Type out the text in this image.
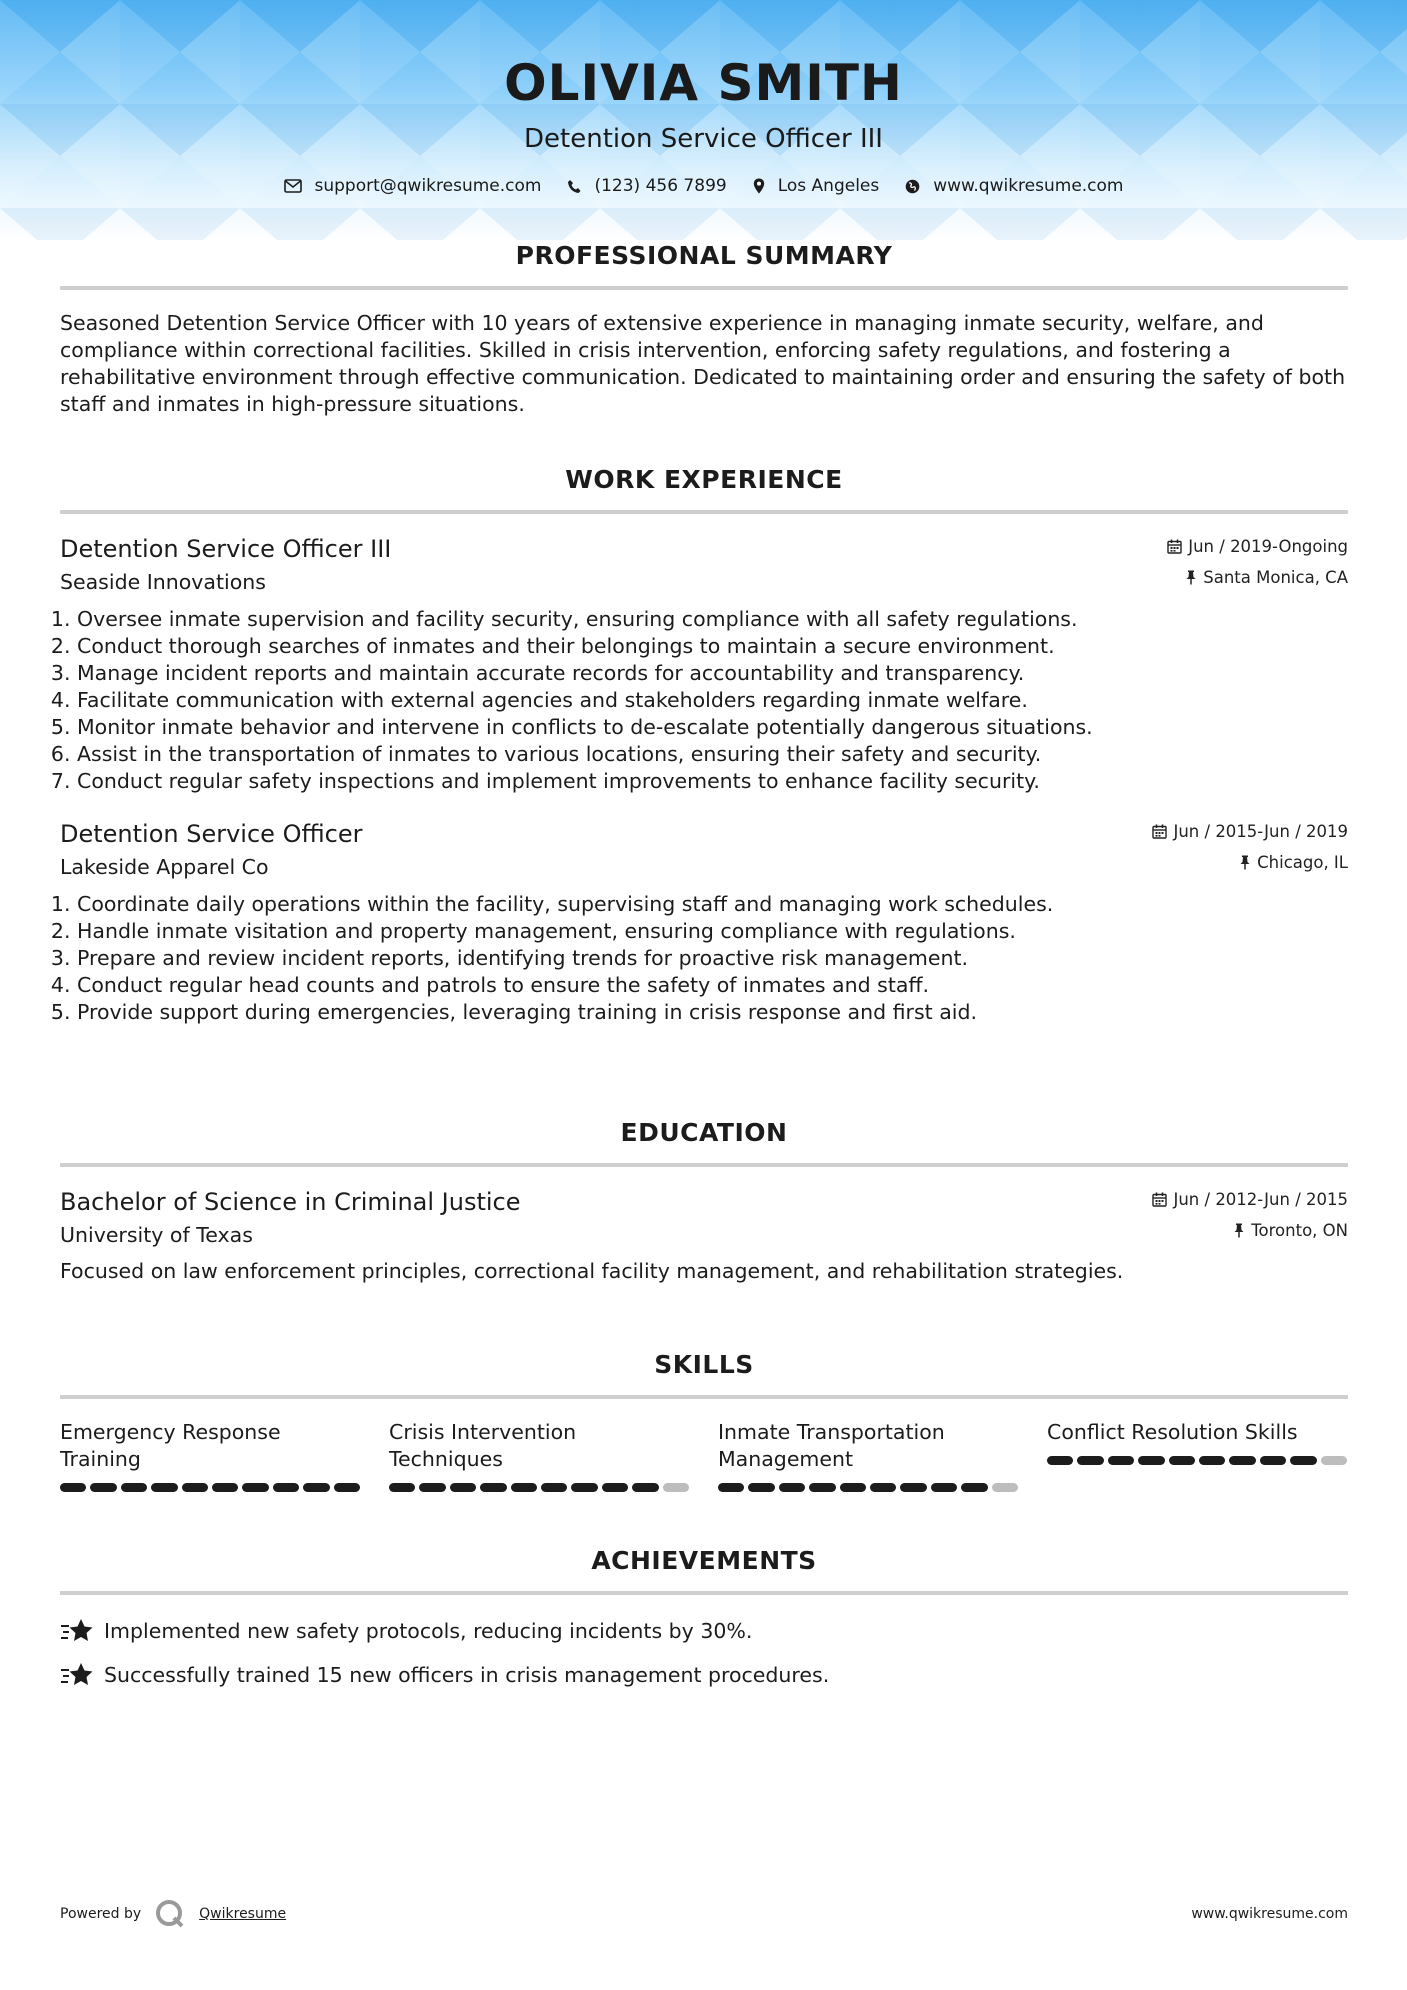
OLIVIA SMITH
Detention Service Officer III
support@qwikresume.com	(123) 456 7899	Los Angeles	www.qwikresume.com
PROFESSIONAL SUMMARY
Seasoned Detention Service Officer with 10 years of extensive experience in managing inmate security, welfare, and compliance within correctional facilities. Skilled in crisis intervention, enforcing safety regulations, and fostering a rehabilitative environment through effective communication. Dedicated to maintaining order and ensuring the safety of both staff and inmates in high-pressure situations.
WORK EXPERIENCE
Detention Service Officer III
Seaside Innovations
Jun / 2019-Ongoing
Santa Monica, CA
1. Oversee inmate supervision and facility security, ensuring compliance with all safety regulations.
2. Conduct thorough searches of inmates and their belongings to maintain a secure environment.
3. Manage incident reports and maintain accurate records for accountability and transparency.
4. Facilitate communication with external agencies and stakeholders regarding inmate welfare.
5. Monitor inmate behavior and intervene in conflicts to de-escalate potentially dangerous situations.
6. Assist in the transportation of inmates to various locations, ensuring their safety and security.
7. Conduct regular safety inspections and implement improvements to enhance facility security.
Detention Service Officer
Lakeside Apparel Co
Jun / 2015-Jun / 2019
Chicago, IL
1. Coordinate daily operations within the facility, supervising staff and managing work schedules.
2. Handle inmate visitation and property management, ensuring compliance with regulations.
3. Prepare and review incident reports, identifying trends for proactive risk management.
4. Conduct regular head counts and patrols to ensure the safety of inmates and staff.
5. Provide support during emergencies, leveraging training in crisis response and first aid.
EDUCATION
Bachelor of Science in Criminal Justice
University of Texas
Jun / 2012-Jun / 2015
Toronto, ON
Focused on law enforcement principles, correctional facility management, and rehabilitation strategies.
SKILLS
Emergency Response Training
Crisis Intervention Techniques
Inmate Transportation Management
Conflict Resolution Skills
ACHIEVEMENTS
Implemented new safety protocols, reducing incidents by 30%.
Successfully trained 15 new officers in crisis management procedures.
Powered by	Qwikresume	www.qwikresume.com
